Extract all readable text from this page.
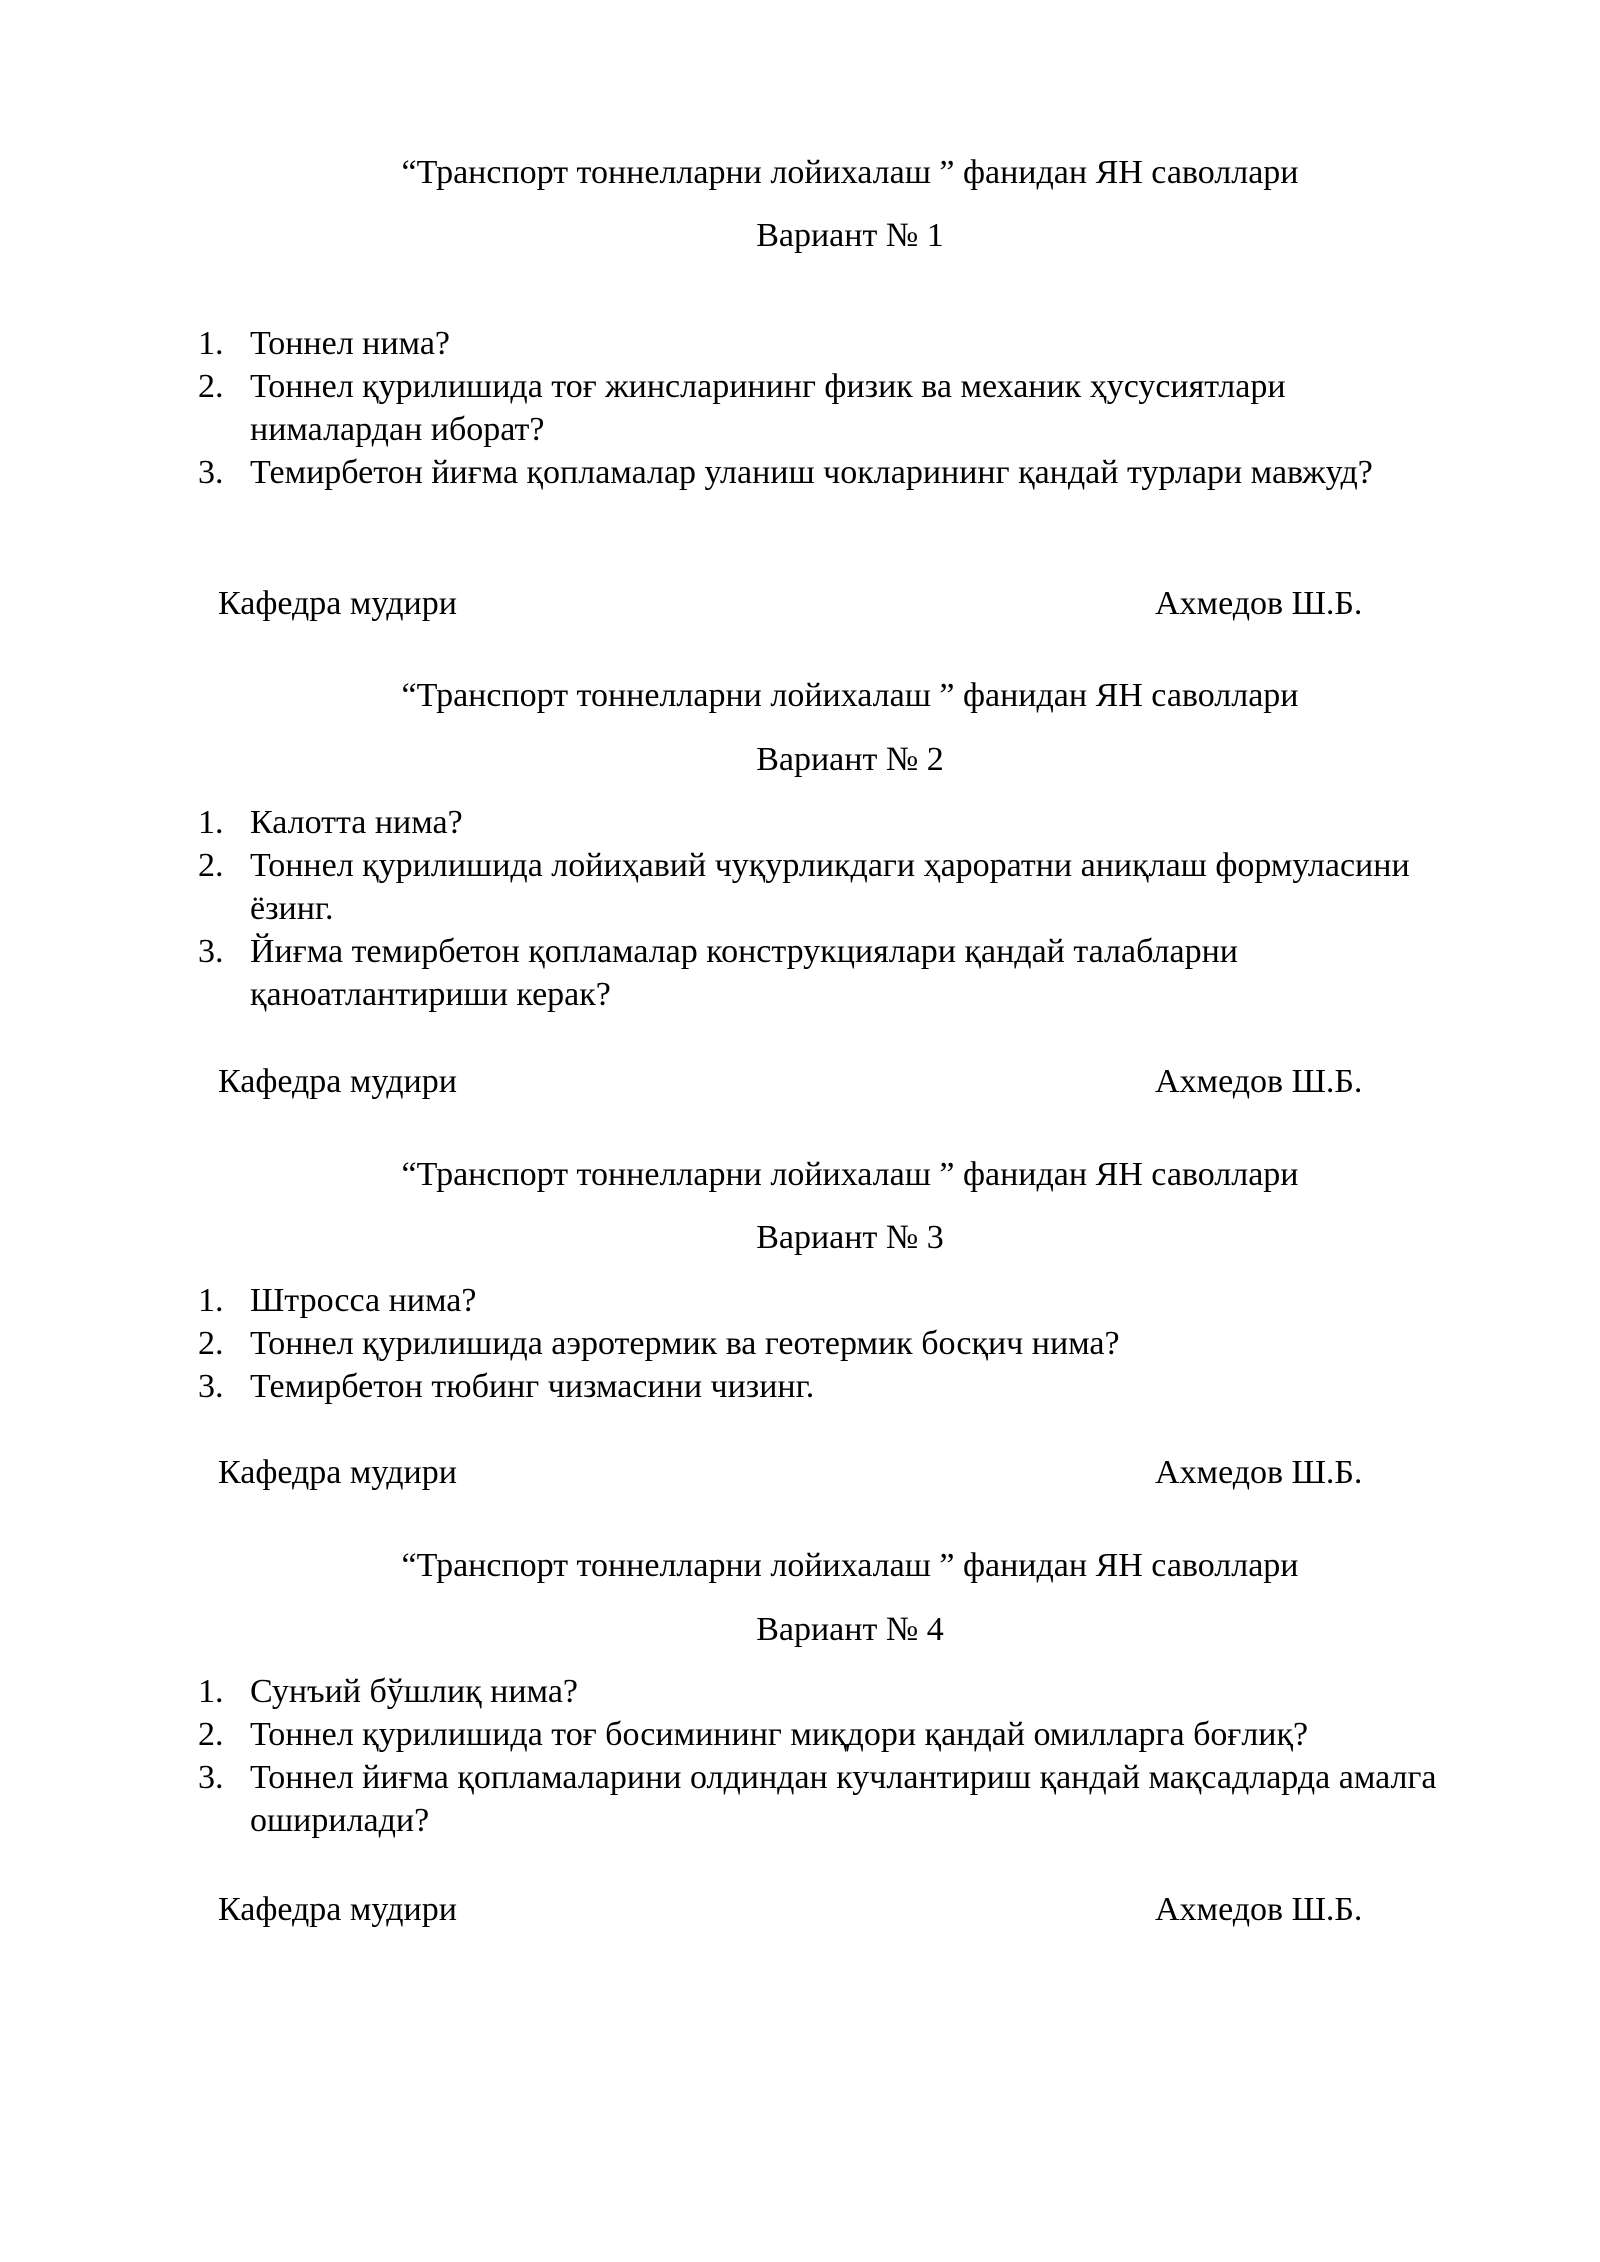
“Транспорт тоннелларни лойихалаш ” фанидан ЯН саволлари
Вариант № 1
1. Тоннел нима?
2. Тоннел қурилишида тоғ жинсларининг физик ва механик ҳусусиятлари нималардан иборат?
3. Темирбетон йиғма қопламалар уланиш чокларининг қандай турлари мавжуд?
Кафедра мудири	Ахмедов Ш.Б.
“Транспорт тоннелларни лойихалаш ” фанидан ЯН саволлари
Вариант № 2
1. Калотта нима?
2. Тоннел қурилишида лойиҳавий чуқурликдаги ҳароратни аниқлаш формуласини ёзинг.
3. Йиғма темирбетон қопламалар конструкциялари қандай талабларни қаноатлантириши керак?
Кафедра мудири	Ахмедов Ш.Б.
“Транспорт тоннелларни лойихалаш ” фанидан ЯН саволлари
Вариант № 3
1. Штросса нима?
2. Тоннел қурилишида аэротермик ва геотермик босқич нима?
3. Темирбетон тюбинг чизмасини чизинг.
Кафедра мудири	Ахмедов Ш.Б.
“Транспорт тоннелларни лойихалаш ” фанидан ЯН саволлари
Вариант № 4
1. Сунъий бўшлиқ нима?
2. Тоннел қурилишида тоғ босимининг миқдори қандай омилларга боғлиқ?
3. Тоннел йиғма қопламаларини олдиндан кучлантириш қандай мақсадларда амалга оширилади?
Кафедра мудири	Ахмедов Ш.Б.
